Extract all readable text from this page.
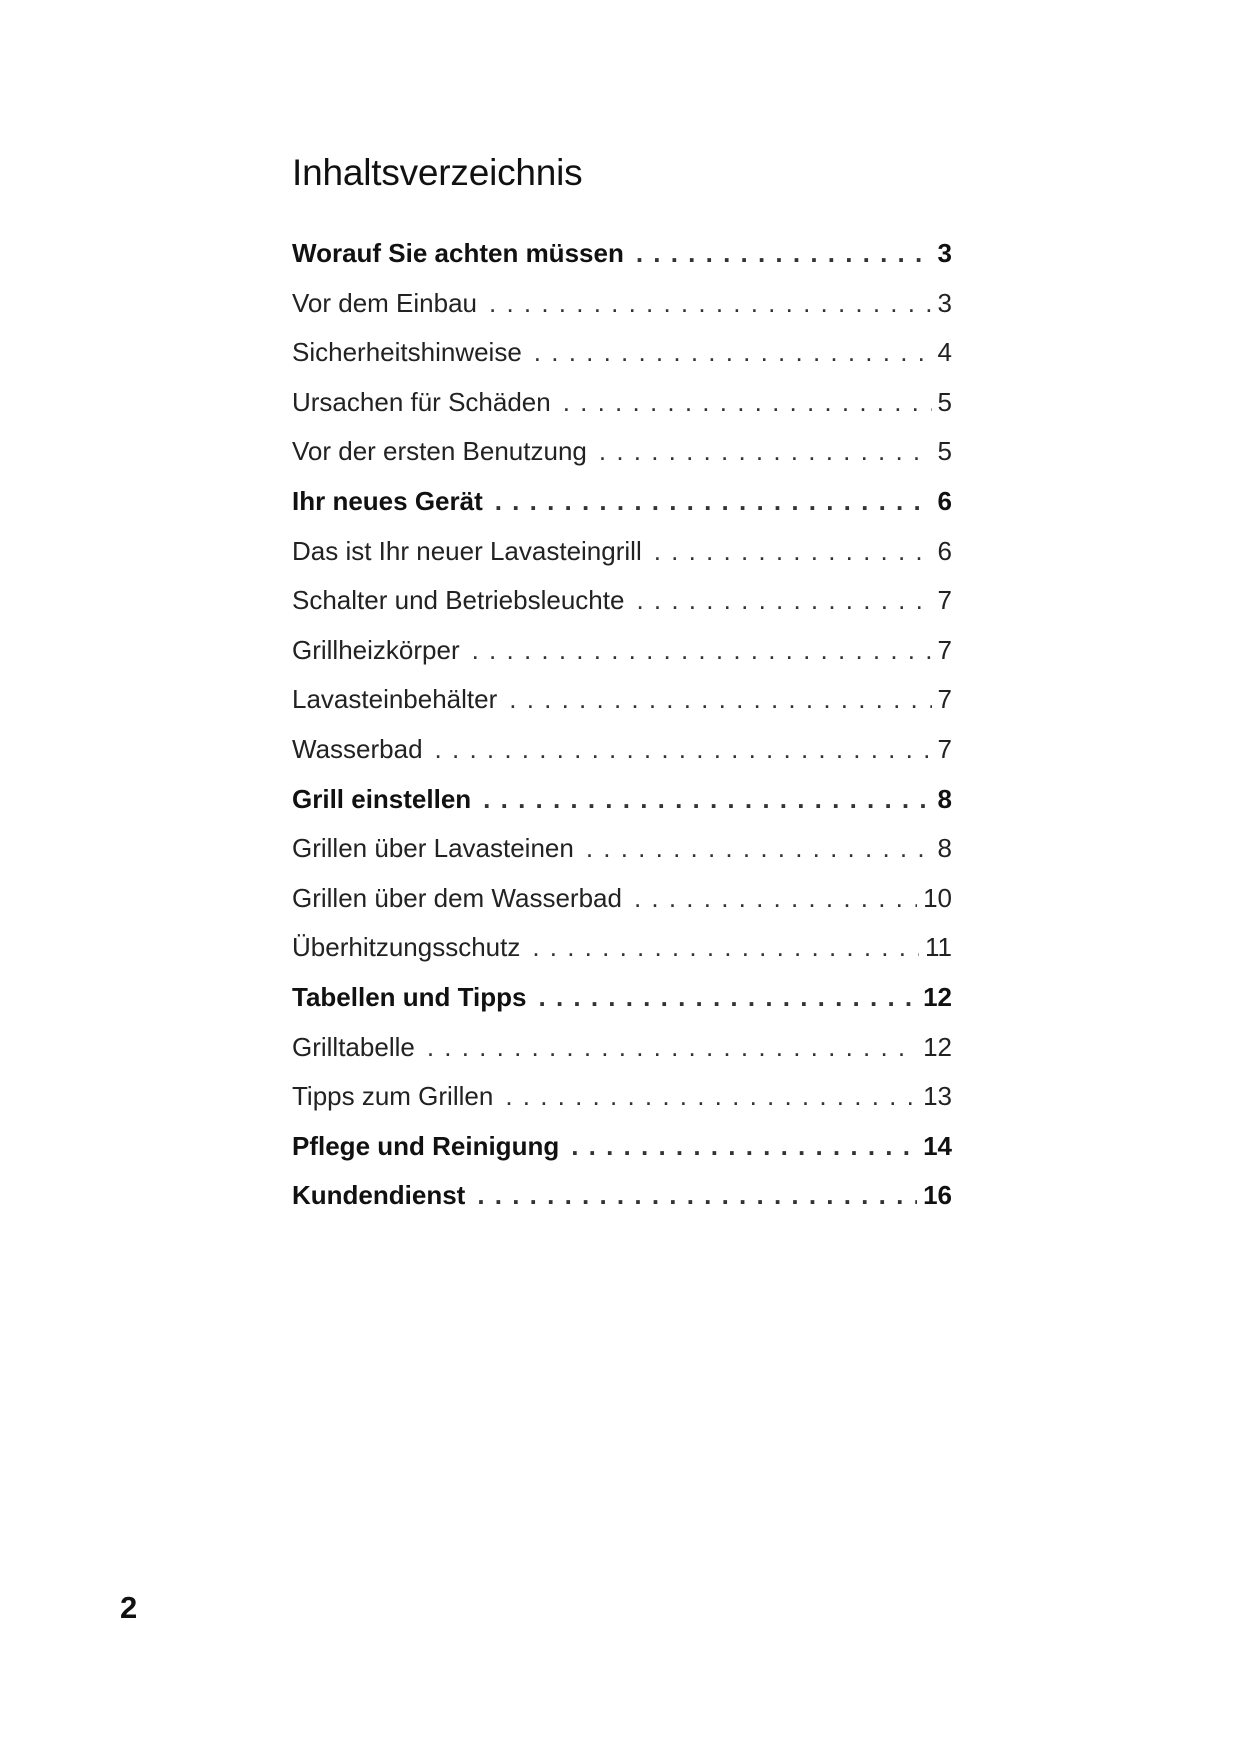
Inhaltsverzeichnis
Worauf Sie achten müssen . . .	3
Vor dem Einbau . . .	3
Sicherheitshinweise . . .	4
Ursachen für Schäden . . .	5
Vor der ersten Benutzung . . .	5
Ihr neues Gerät . . .	6
Das ist Ihr neuer Lavasteingrill . . .	6
Schalter und Betriebsleuchte . . .	7
Grillheizkörper . . .	7
Lavasteinbehälter . . .	7
Wasserbad . . .	7
Grill einstellen . . .	8
Grillen über Lavasteinen . . .	8
Grillen über dem Wasserbad . . .	10
Überhitzungsschutz . . .	11
Tabellen und Tipps . . .	12
Grilltabelle . . .	12
Tipps zum Grillen . . .	13
Pflege und Reinigung . . .	14
Kundendienst . . .	16
2
